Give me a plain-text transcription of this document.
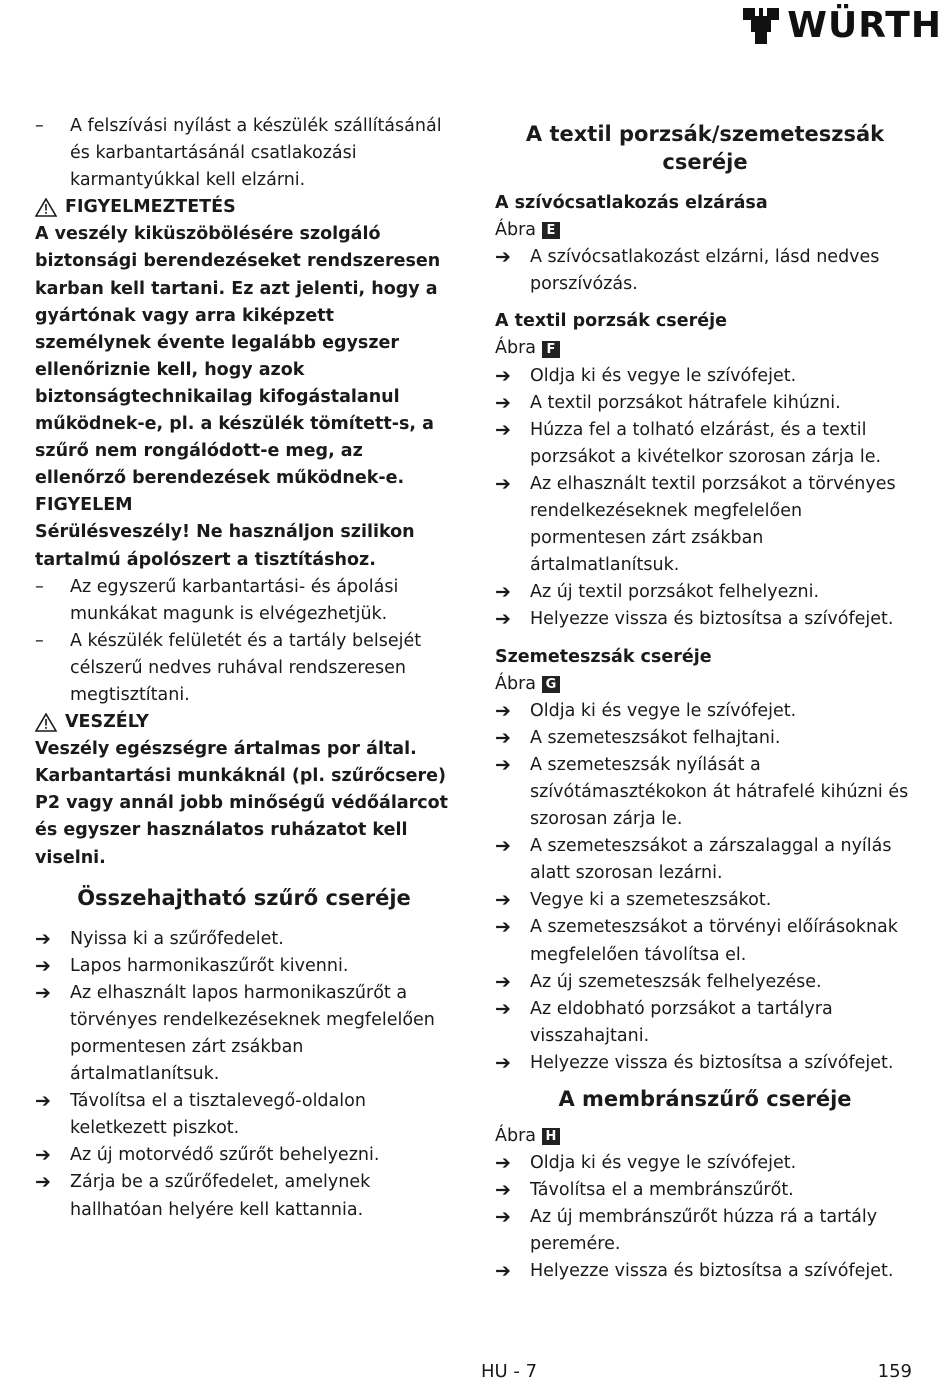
WÜRTH

– A felszívási nyílást a készülék szállításánál és karbantartásánál csatlakozási karmantyúkkal kell elzárni.

FIGYELMEZTETÉS

A veszély kiküszöbölésére szolgáló biztonsági berendezéseket rendszeresen karban kell tartani. Ez azt jelenti, hogy a gyártónak vagy arra kiképzett személynek évente legalább egyszer ellenőriznie kell, hogy azok biztonságtechnikailag kifogástalanul működnek-e, pl. a készülék tömített-s, a szűrő nem rongálódott-e meg, az ellenőrző berendezések működnek-e.

FIGYELEM

Sérülésveszély! Ne használjon szilikon tartalmú ápolószert a tisztításhoz.

– Az egyszerű karbantartási- és ápolási munkákat magunk is elvégezhetjük.

– A készülék felületét és a tartály belsejét célszerű nedves ruhával rendszeresen megtisztítani.

VESZÉLY

Veszély egészségre ártalmas por által. Karbantartási munkáknál (pl. szűrőcsere) P2 vagy annál jobb minőségű védőálarcot és egyszer használatos ruházatot kell viselni.

Összehajtható szűrő cseréje

➔ Nyissa ki a szűrőfedelet.

➔ Lapos harmonikaszűrőt kivenni.

➔ Az elhasznált lapos harmonikaszűrőt a törvényes rendelkezéseknek megfelelően pormentesen zárt zsákban ártalmatlanítsuk.

➔ Távolítsa el a tisztalevegő-oldalon keletkezett piszkot.

➔ Az új motorvédő szűrőt behelyezni.

➔ Zárja be a szűrőfedelet, amelynek hallhatóan helyére kell kattannia.

A textil porzsák/szemeteszsák cseréje

A szívócsatlakozás elzárása

Ábra E

➔ A szívócsatlakozást elzárni, lásd nedves porszívózás.

A textil porzsák cseréje

Ábra F

➔ Oldja ki és vegye le szívófejet.

➔ A textil porzsákot hátrafele kihúzni.

➔ Húzza fel a tolható elzárást, és a textil porzsákot a kivételkor szorosan zárja le.

➔ Az elhasznált textil porzsákot a törvényes rendelkezéseknek megfelelően pormentesen zárt zsákban ártalmatlanítsuk.

➔ Az új textil porzsákot felhelyezni.

➔ Helyezze vissza és biztosítsa a szívófejet.

Szemeteszsák cseréje

Ábra G

➔ Oldja ki és vegye le szívófejet.

➔ A szemeteszsákot felhajtani.

➔ A szemeteszsák nyílását a szívótámasztékokon át hátrafelé kihúzni és szorosan zárja le.

➔ A szemeteszsákot a zárszalaggal a nyílás alatt szorosan lezárni.

➔ Vegye ki a szemeteszsákot.

➔ A szemeteszsákot a törvényi előírásoknak megfelelően távolítsa el.

➔ Az új szemeteszsák felhelyezése.

➔ Az eldobható porzsákot a tartályra visszahajtani.

➔ Helyezze vissza és biztosítsa a szívófejet.

A membránszűrő cseréje

Ábra H

➔ Oldja ki és vegye le szívófejet.

➔ Távolítsa el a membránszűrőt.

➔ Az új membránszűrőt húzza rá a tartály peremére.

➔ Helyezze vissza és biztosítsa a szívófejet.

HU - 7	159
